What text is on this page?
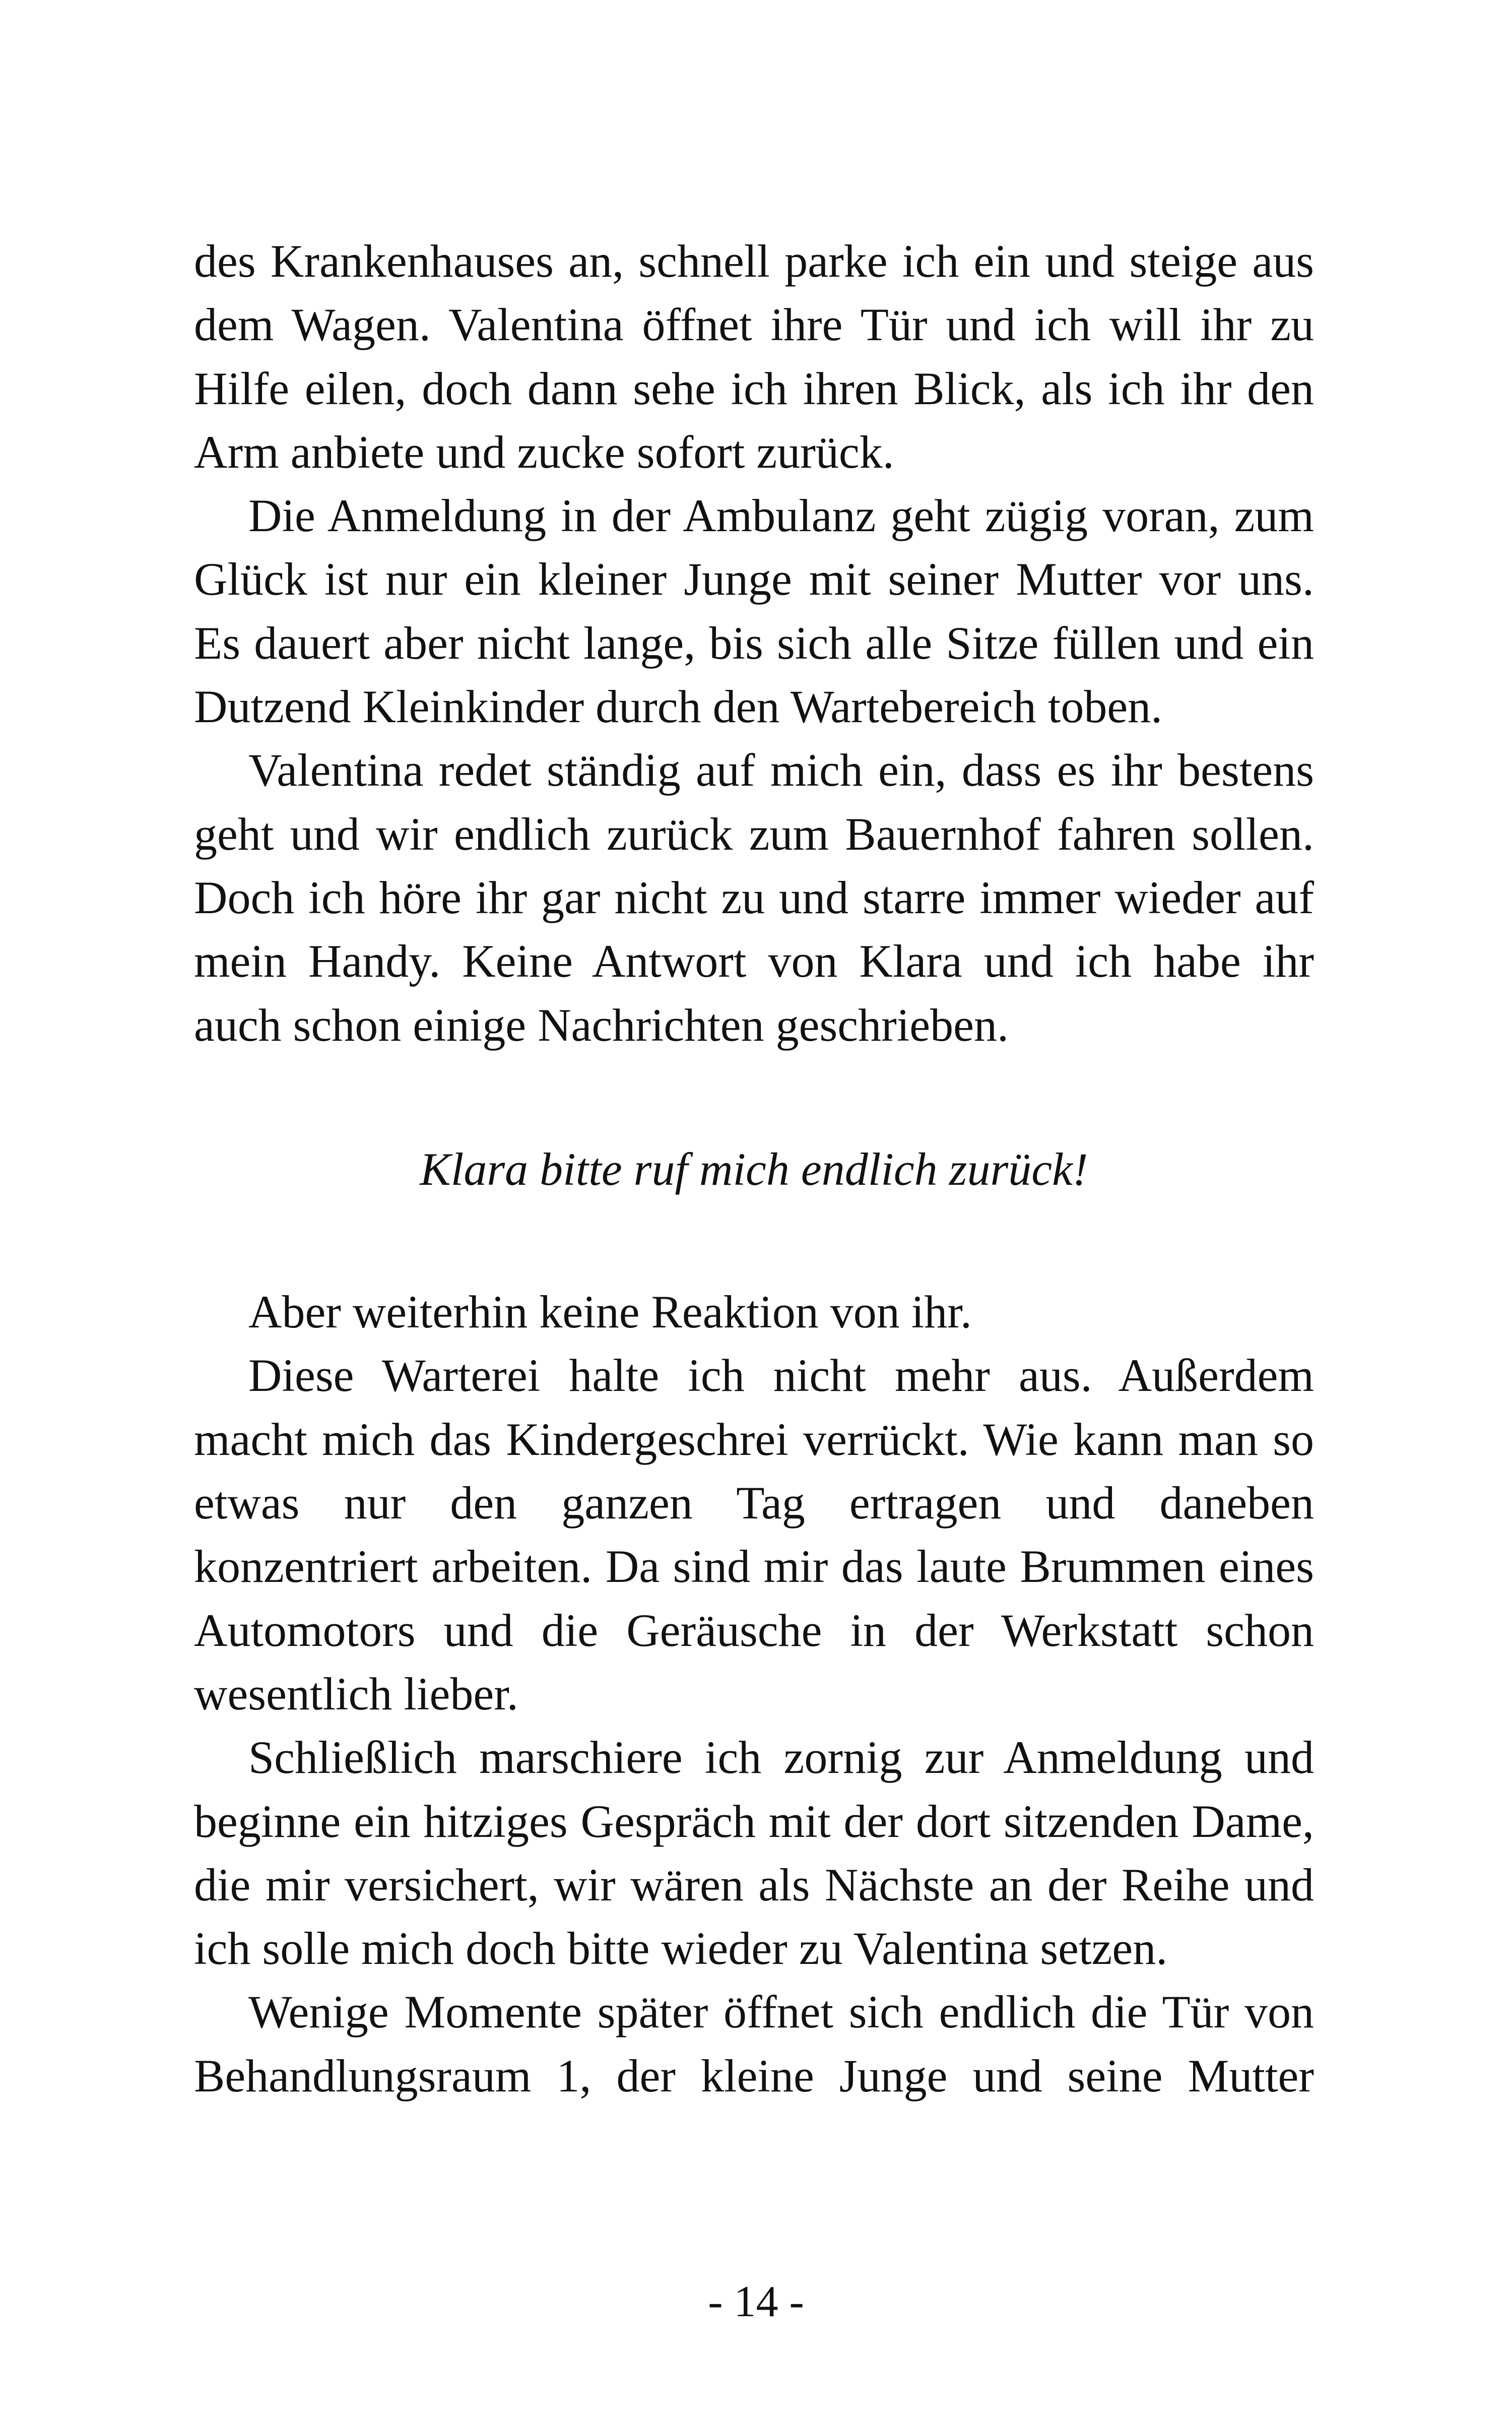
des Krankenhauses an, schnell parke ich ein und steige aus dem Wagen. Valentina öffnet ihre Tür und ich will ihr zu Hilfe eilen, doch dann sehe ich ihren Blick, als ich ihr den Arm anbiete und zucke sofort zurück.

Die Anmeldung in der Ambulanz geht zügig voran, zum Glück ist nur ein kleiner Junge mit seiner Mutter vor uns. Es dauert aber nicht lange, bis sich alle Sitze füllen und ein Dutzend Kleinkinder durch den Wartebereich toben.

Valentina redet ständig auf mich ein, dass es ihr bestens geht und wir endlich zurück zum Bauernhof fahren sollen. Doch ich höre ihr gar nicht zu und starre immer wieder auf mein Handy. Keine Antwort von Klara und ich habe ihr auch schon einige Nachrichten geschrieben.

Klara bitte ruf mich endlich zurück!

Aber weiterhin keine Reaktion von ihr.

Diese Warterei halte ich nicht mehr aus. Außerdem macht mich das Kindergeschrei verrückt. Wie kann man so etwas nur den ganzen Tag ertragen und daneben konzentriert arbeiten. Da sind mir das laute Brummen eines Automotors und die Geräusche in der Werkstatt schon wesentlich lieber.

Schließlich marschiere ich zornig zur Anmeldung und beginne ein hitziges Gespräch mit der dort sitzenden Dame, die mir versichert, wir wären als Nächste an der Reihe und ich solle mich doch bitte wieder zu Valentina setzen.

Wenige Momente später öffnet sich endlich die Tür von Behandlungsraum 1, der kleine Junge und seine Mutter

- 14 -
